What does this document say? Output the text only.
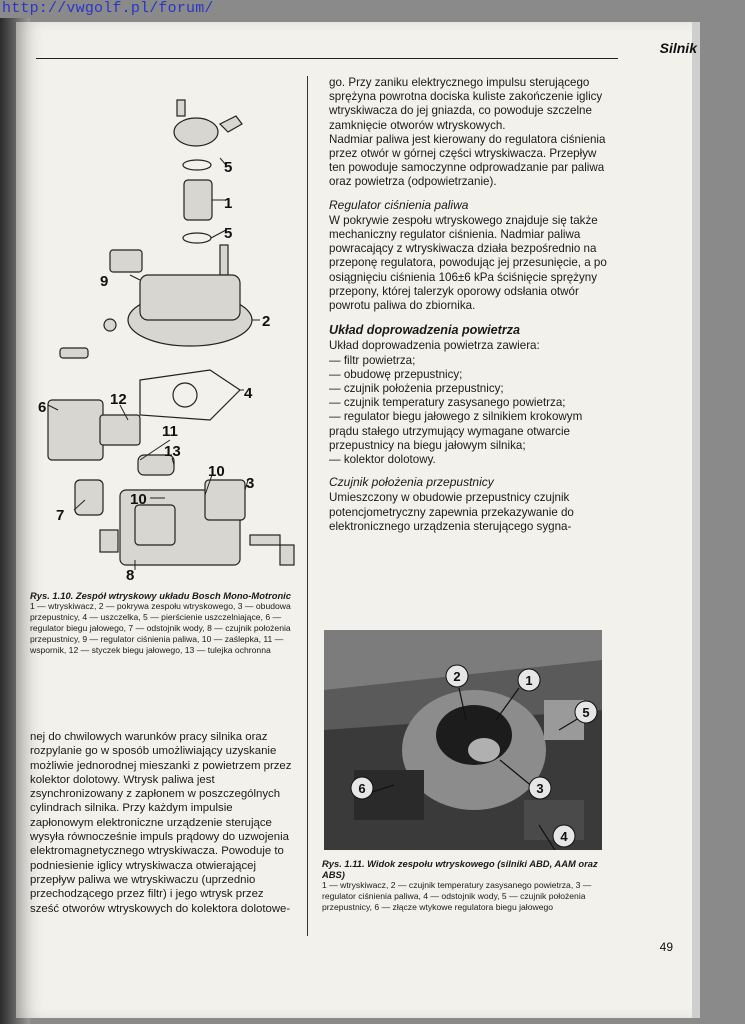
http://vwgolf.pl/forum/
Silnik
5
1
5
9
2
4
6	12
11
13
10
3
10
7
8
Rys. 1.10. Zespół wtryskowy układu Bosch Mono-Motronic
1 — wtryskiwacz, 2 — pokrywa zespołu wtryskowego, 3 — obudowa przepustnicy, 4 — uszczelka, 5 — pierścienie uszczelniające, 6 — regulator biegu jałowego, 7 — odstojnik wody, 8 — czujnik położenia przepustnicy, 9 — regulator ciśnienia paliwa, 10 — zaślepka, 11 — wspornik, 12 — styczek biegu jałowego, 13 — tulejka ochronna
nej do chwilowych warunków pracy silnika oraz rozpylanie go w sposób umożliwiający uzyskanie możliwie jednorodnej mieszanki z powietrzem przez kolektor dolotowy. Wtrysk paliwa jest zsynchronizowany z zapłonem w poszczególnych cylindrach silnika. Przy każdym impulsie zapłonowym elektroniczne urządzenie sterujące wysyła równocześnie impuls prądowy do uzwojenia elektromagnetycznego wtryskiwacza. Powoduje to podniesienie iglicy wtryskiwacza otwierającej przepływ paliwa we wtryskiwaczu (uprzednio przechodzącego przez filtr) i jego wtrysk przez sześć otworów wtryskowych do kolektora dolotowe-

go. Przy zaniku elektrycznego impulsu sterującego sprężyna powrotna dociska kuliste zakończenie iglicy wtryskiwacza do jej gniazda, co powoduje szczelne zamknięcie otworów wtryskowych.

Nadmiar paliwa jest kierowany do regulatora ciśnienia przez otwór w górnej części wtryskiwacza. Przepływ ten powoduje samoczynne odprowadzanie par paliwa oraz powietrza (odpowietrzanie).

Regulator ciśnienia paliwa

W pokrywie zespołu wtryskowego znajduje się także mechaniczny regulator ciśnienia. Nadmiar paliwa powracający z wtryskiwacza działa bezpośrednio na przeponę regulatora, powodując jej przesunięcie, a po osiągnięciu ciśnienia 106±6 kPa ściśnięcie sprężyny przepony, której talerzyk oporowy odsłania otwór powrotu paliwa do zbiornika.

Układ doprowadzenia powietrza

Układ doprowadzenia powietrza zawiera:

— filtr powietrza;
— obudowę przepustnicy;
— czujnik położenia przepustnicy;
— czujnik temperatury zasysanego powietrza;
— regulator biegu jałowego z silnikiem krokowym prądu stałego utrzymujący wymagane otwarcie przepustnicy na biegu jałowym silnika;
— kolektor dolotowy.

Czujnik położenia przepustnicy

Umieszczony w obudowie przepustnicy czujnik potencjometryczny zapewnia przekazywanie do elektronicznego urządzenia sterującego sygna-

2	1
5
6	3
4
Rys. 1.11. Widok zespołu wtryskowego (silniki ABD, AAM oraz ABS)
1 — wtryskiwacz, 2 — czujnik temperatury zasysanego powietrza, 3 — regulator ciśnienia paliwa, 4 — odstojnik wody, 5 — czujnik położenia przepustnicy, 6 — złącze wtykowe regulatora biegu jałowego
49
